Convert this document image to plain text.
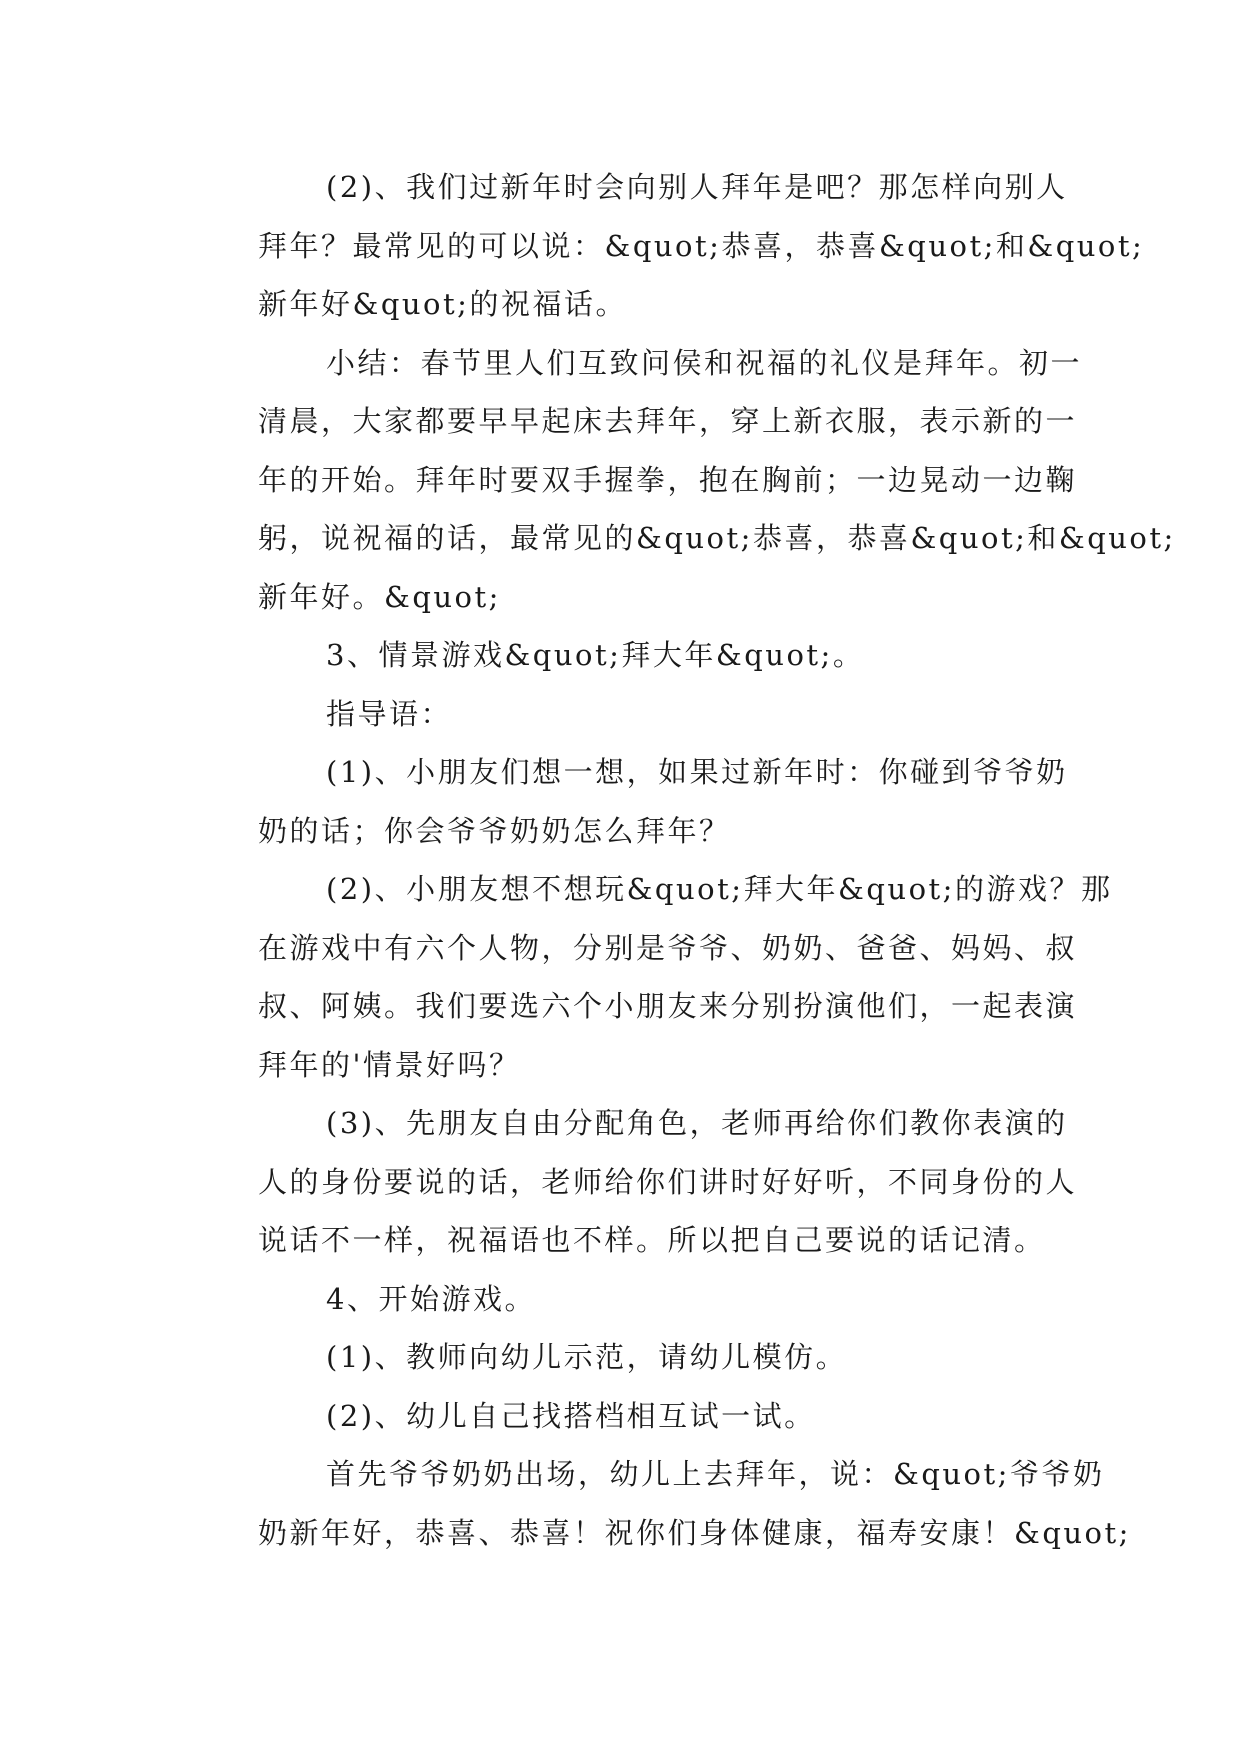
(2)、我们过新年时会向别人拜年是吧？那怎样向别人
拜年？最常见的可以说：&quot;恭喜，恭喜&quot;和&quot;
新年好&quot;的祝福话。
小结：春节里人们互致问侯和祝福的礼仪是拜年。初一
清晨，大家都要早早起床去拜年，穿上新衣服，表示新的一
年的开始。拜年时要双手握拳，抱在胸前；一边晃动一边鞠
躬，说祝福的话，最常见的&quot;恭喜，恭喜&quot;和&quot;
新年好。&quot;
3、情景游戏&quot;拜大年&quot;。
指导语：
(1)、小朋友们想一想，如果过新年时：你碰到爷爷奶
奶的话；你会爷爷奶奶怎么拜年？
(2)、小朋友想不想玩&quot;拜大年&quot;的游戏？那
在游戏中有六个人物，分别是爷爷、奶奶、爸爸、妈妈、叔
叔、阿姨。我们要选六个小朋友来分别扮演他们，一起表演
拜年的'情景好吗？
(3)、先朋友自由分配角色，老师再给你们教你表演的
人的身份要说的话，老师给你们讲时好好听，不同身份的人
说话不一样，祝福语也不样。所以把自己要说的话记清。
4、开始游戏。
(1)、教师向幼儿示范，请幼儿模仿。
(2)、幼儿自己找搭档相互试一试。
首先爷爷奶奶出场，幼儿上去拜年，说：&quot;爷爷奶
奶新年好，恭喜、恭喜！祝你们身体健康，福寿安康！&quot;
